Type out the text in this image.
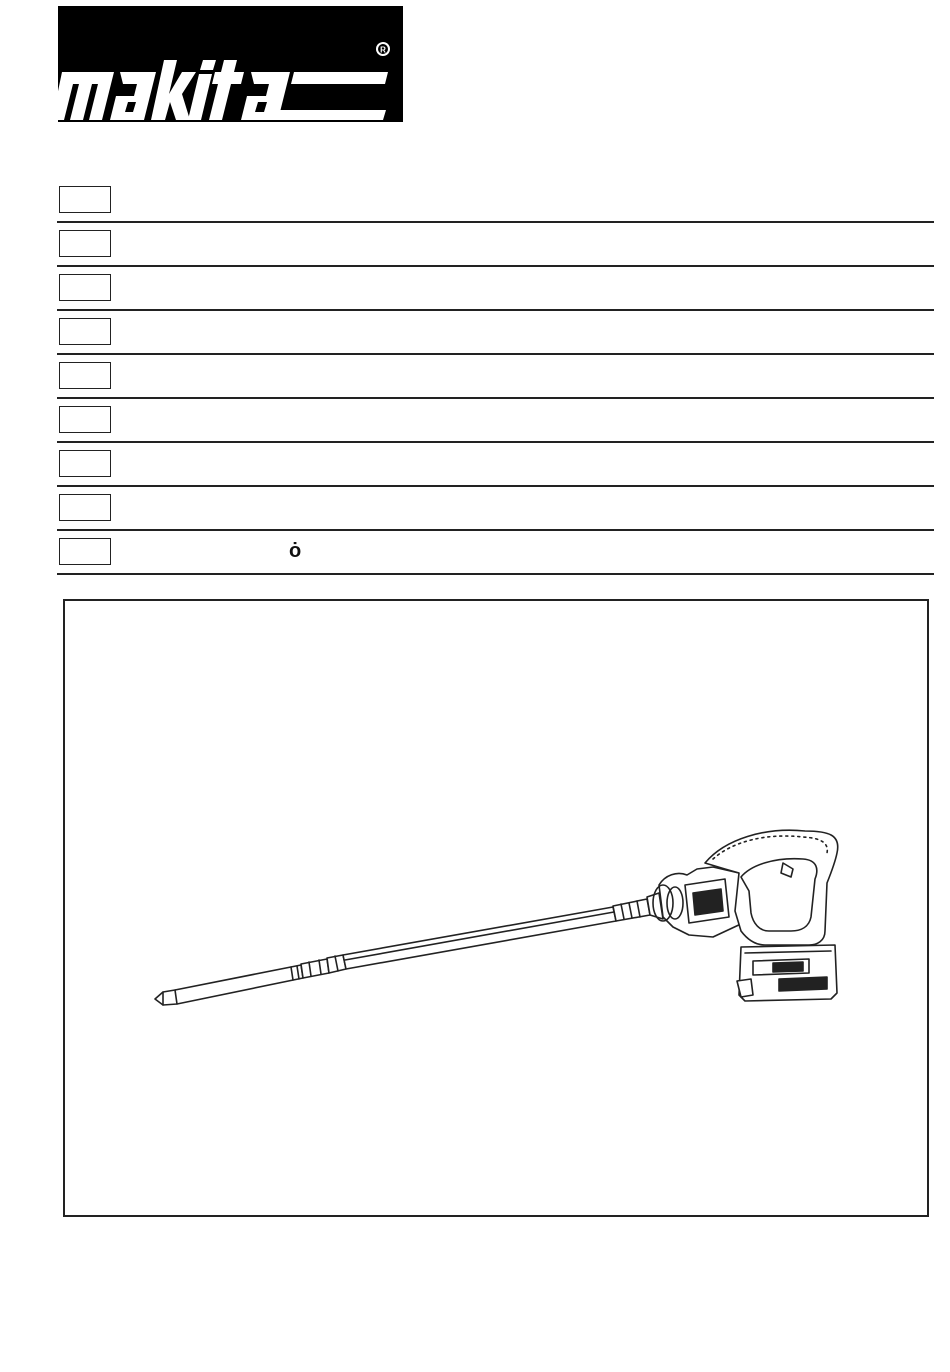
R
ȯ
